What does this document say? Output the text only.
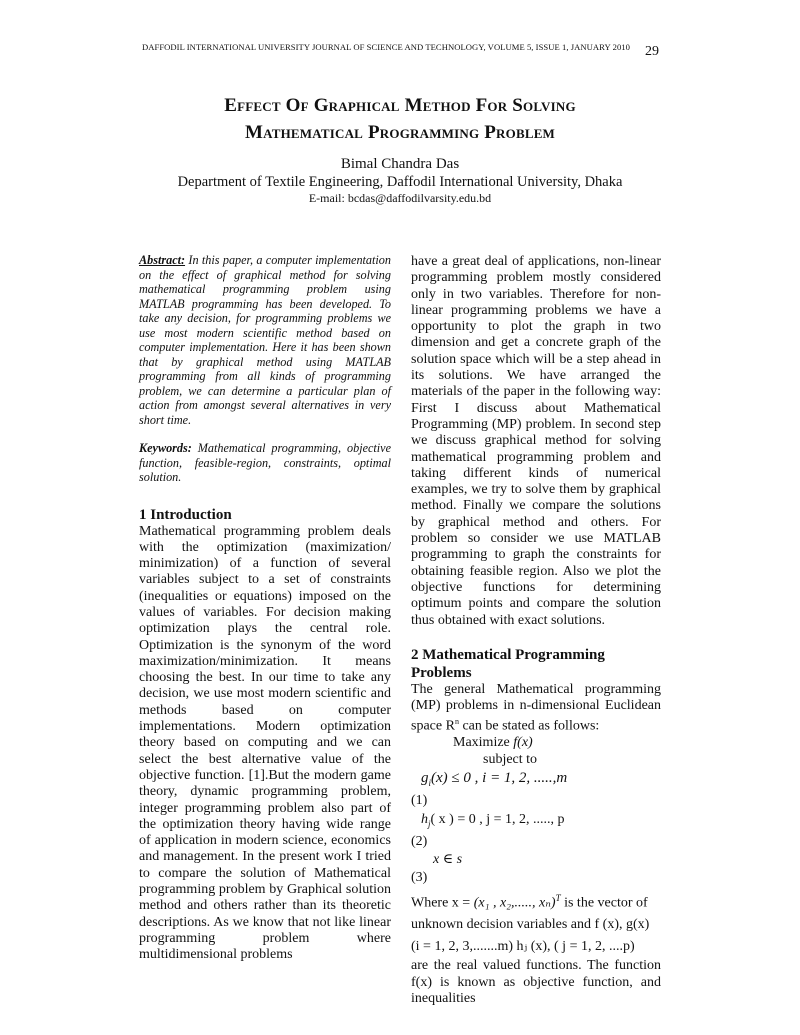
DAFFODIL INTERNATIONAL UNIVERSITY JOURNAL OF SCIENCE AND TECHNOLOGY, VOLUME 5, ISSUE 1, JANUARY 2010	29
Effect Of Graphical Method For Solving
Mathematical Programming Problem
Bimal Chandra Das
Department of Textile Engineering, Daffodil International University, Dhaka
E-mail: bcdas@daffodilvarsity.edu.bd

Abstract: In this paper, a computer implementation on the effect of graphical method for solving mathematical programming problem using MATLAB programming has been developed. To take any decision, for programming problems we use most modern scientific method based on computer implementation. Here it has been shown that by graphical method using MATLAB programming from all kinds of programming problem, we can determine a particular plan of action from amongst several alternatives in very short time.

Keywords: Mathematical programming, objective function, feasible-region, constraints, optimal solution.

1 Introduction

Mathematical programming problem deals with the optimization (maximization/ minimization) of a function of several variables subject to a set of constraints (inequalities or equations) imposed on the values of variables. For decision making optimization plays the central role. Optimization is the synonym of the word maximization/minimization. It means choosing the best. In our time to take any decision, we use most modern scientific and methods based on computer implementations. Modern optimization theory based on computing and we can select the best alternative value of the objective function. [1].But the modern game theory, dynamic programming problem, integer programming problem also part of the optimization theory having wide range of application in modern science, economics and management. In the present work I tried to compare the solution of Mathematical programming problem by Graphical solution method and others rather than its theoretic descriptions. As we know that not like linear programming problem where multidimensional problems

have a great deal of applications, non-linear programming problem mostly considered only in two variables. Therefore for non-linear programming problems we have a opportunity to plot the graph in two dimension and get a concrete graph of the solution space which will be a step ahead in its solutions. We have arranged the materials of the paper in the following way: First I discuss about Mathematical Programming (MP) problem. In second step we discuss graphical method for solving mathematical programming problem and taking different kinds of numerical examples, we try to solve them by graphical method. Finally we compare the solutions by graphical method and others. For problem so consider we use MATLAB programming to graph the constraints for obtaining feasible region. Also we plot the objective functions for determining optimum points and compare the solution thus obtained with exact solutions.

2 Mathematical Programming
Problems

The general Mathematical programming (MP) problems in n-dimensional Euclidean space $R^n$ can be stated as follows:

Maximize f(x)
subject to
$g_i(x) \le 0$ , i = 1, 2, .....,m
(1)
$h_j$( x ) = 0 , j = 1, 2, ....., p
(2)
x ∈ s
(3)
Where x = (x₁ , x₂,....., xₙ)$^T$ is the vector of
unknown decision variables and f (x), g(x)
(i = 1, 2, 3,.......m) hⱼ (x), ( j = 1, 2, ....p)

are the real valued functions. The function f(x) is known as objective function, and inequalities
